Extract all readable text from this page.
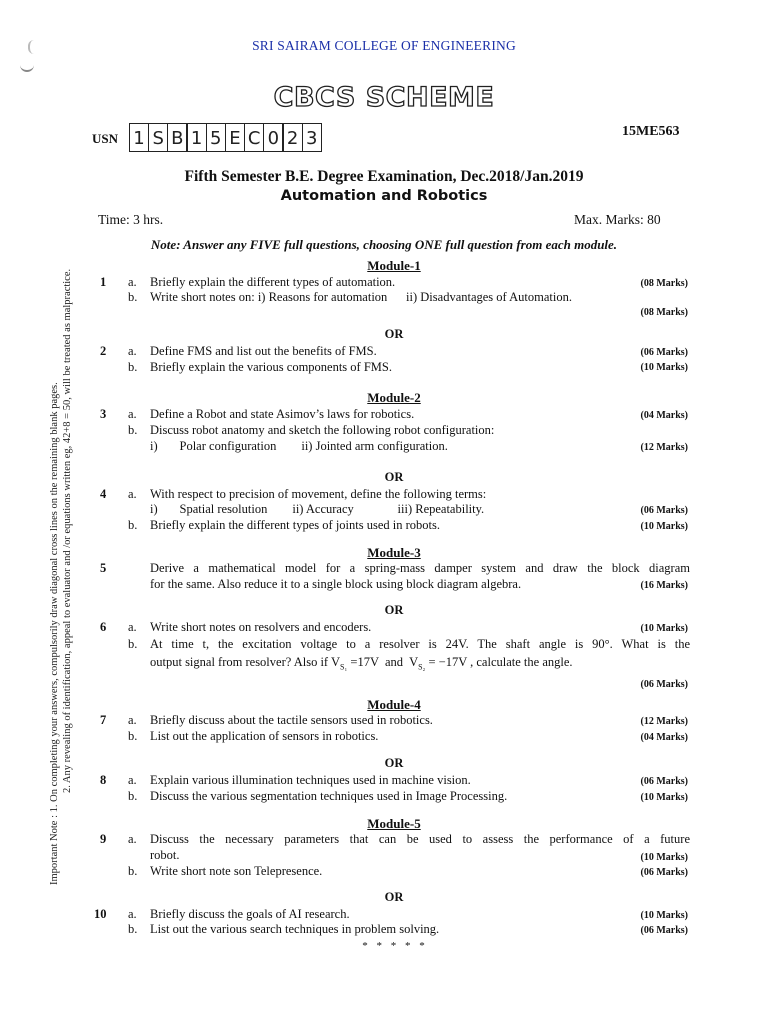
SRI SAIRAM COLLEGE OF ENGINEERING
CBCS SCHEME
USN 1 S B 1 5 E C 0 2 3	15ME563
Fifth Semester B.E. Degree Examination, Dec.2018/Jan.2019
Automation and Robotics
Time: 3 hrs.	Max. Marks: 80
Note: Answer any FIVE full questions, choosing ONE full question from each module.
Module-1
1 a. Briefly explain the different types of automation.	(08 Marks)
b. Write short notes on: i) Reasons for automation      ii) Disadvantages of Automation.
(08 Marks)
OR
2 a. Define FMS and list out the benefits of FMS.	(06 Marks)
b. Briefly explain the various components of FMS.	(10 Marks)
Module-2
3 a. Define a Robot and state Asimov’s laws for robotics.	(04 Marks)
b. Discuss robot anatomy and sketch the following robot configuration:
i)       Polar configuration        ii) Jointed arm configuration.	(12 Marks)
OR
4 a. With respect to precision of movement, define the following terms:
i)       Spatial resolution        ii) Accuracy              iii) Repeatability.	(06 Marks)
b. Briefly explain the different types of joints used in robots.	(10 Marks)
Module-3
5	Derive a mathematical model for a spring-mass damper system and draw the block diagram
for the same. Also reduce it to a single block using block diagram algebra.	(16 Marks)
OR
6 a. Write short notes on resolvers and encoders.	(10 Marks)
b. At time t, the excitation voltage to a resolver is 24V. The shaft angle is 90°. What is the
output signal from resolver? Also if $V_{S_1} =17V$  and  $V_{S_2} = -17V$ , calculate the angle.
(06 Marks)
Module-4
7 a. Briefly discuss about the tactile sensors used in robotics.	(12 Marks)
b. List out the application of sensors in robotics.	(04 Marks)
OR
8 a. Explain various illumination techniques used in machine vision.	(06 Marks)
b. Discuss the various segmentation techniques used in Image Processing.	(10 Marks)
Module-5
9 a. Discuss the necessary parameters that can be used to assess the performance of a future
robot.	(10 Marks)
b. Write short note son Telepresence.	(06 Marks)
OR
10 a. Briefly discuss the goals of AI research.	(10 Marks)
b. List out the various search techniques in problem solving.	(06 Marks)
* * * * *
Important Note : 1. On completing your answers, compulsorily draw diagonal cross lines on the remaining blank pages. 2. Any revealing of identification, appeal to evaluator and /or equations written eg, 42+8 = 50, will be treated as malpractice.
